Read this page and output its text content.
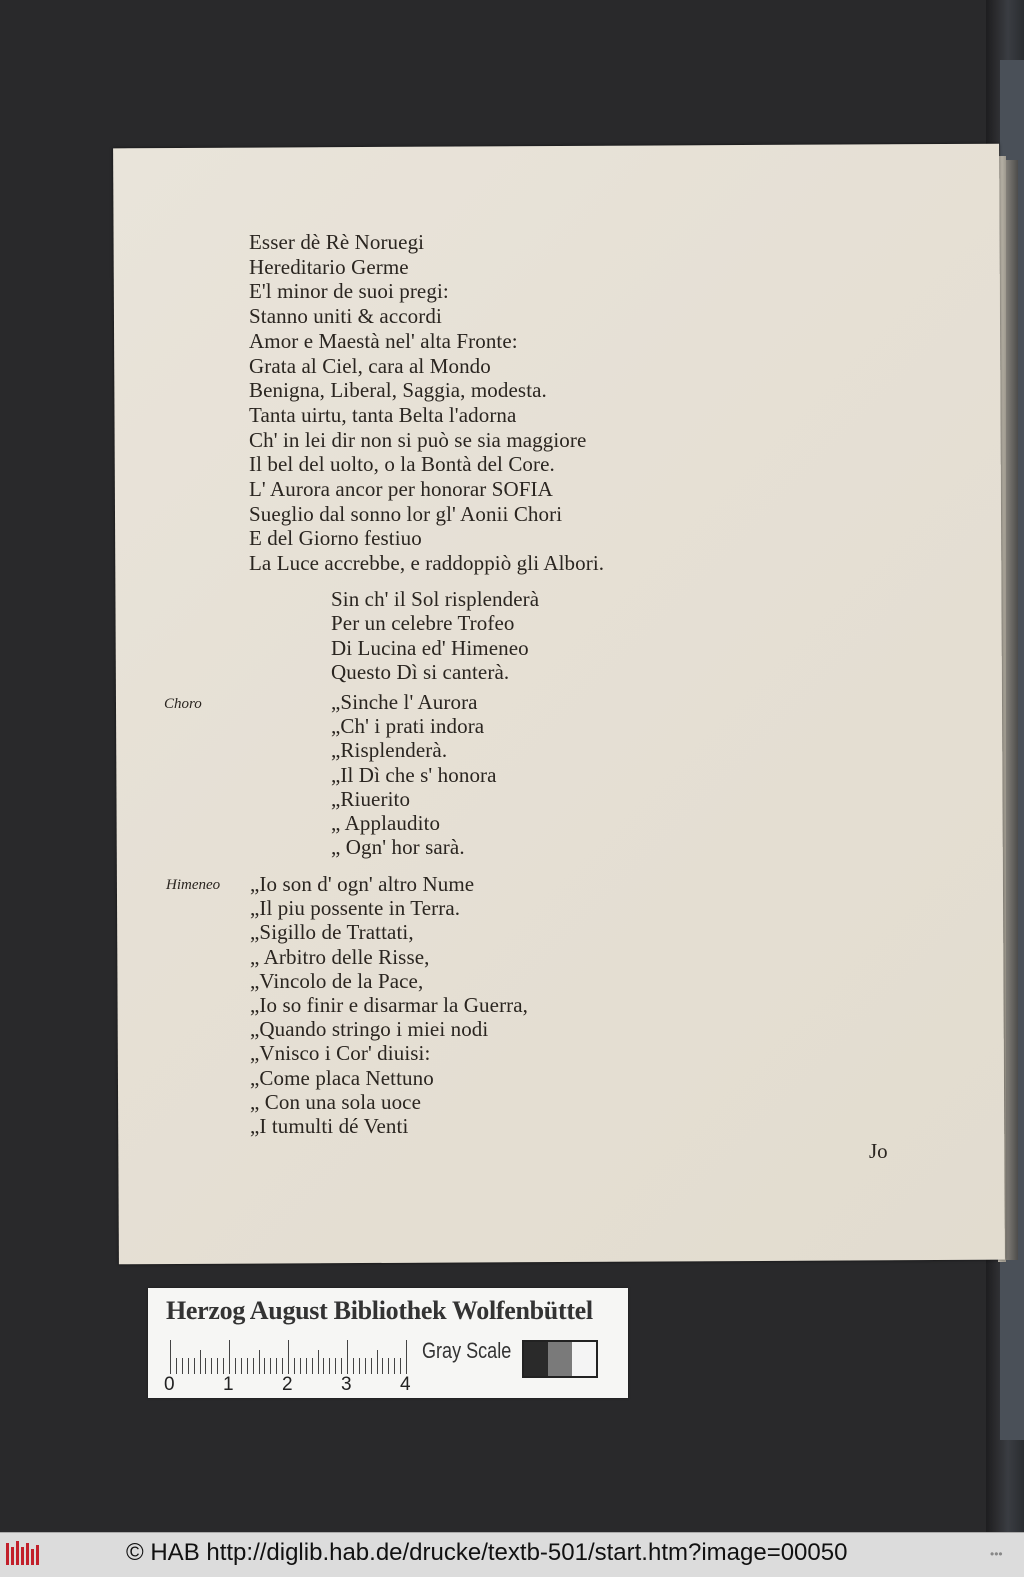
Esser dè Rè Noruegi
Hereditario Germe
E'l minor de suoi pregi:
Stanno uniti & accordi
Amor e Maestà nel' alta Fronte:
Grata al Ciel, cara al Mondo
Benigna, Liberal, Saggia, modesta.
Tanta uirtu, tanta Belta l'adorna
Ch' in lei dir non si può se sia maggiore
Il bel del uolto, o la Bontà del Core.
L' Aurora ancor per honorar SOFIA
Sueglio dal sonno lor gl' Aonii Chori
E del Giorno festiuo
La Luce accrebbe, e raddoppiò gli Albori.
Sin ch' il Sol risplenderà
Per un celebre Trofeo
Di Lucina ed' Himeneo
Questo Dì si canterà.
Choro	„Sinche l' Aurora
„Ch' i prati indora
„Risplenderà.
„Il Dì che s' honora
„Riuerito
„ Applaudito
„ Ogn' hor sarà.
Himeneo „Io son d' ogn' altro Nume
„Il piu possente in Terra.
„Sigillo de Trattati,
„ Arbitro delle Risse,
„Vincolo de la Pace,
„Io so finir e disarmar la Guerra,
„Quando stringo i miei nodi
„Vnisco i Cor' diuisi:
„Come placa Nettuno
„ Con una sola uoce
„I tumulti dé Venti
Jo
Herzog August Bibliothek Wolfenbüttel
0	1	2	3	4
Gray Scale
© HAB http://diglib.hab.de/drucke/textb-501/start.htm?image=00050	•••
